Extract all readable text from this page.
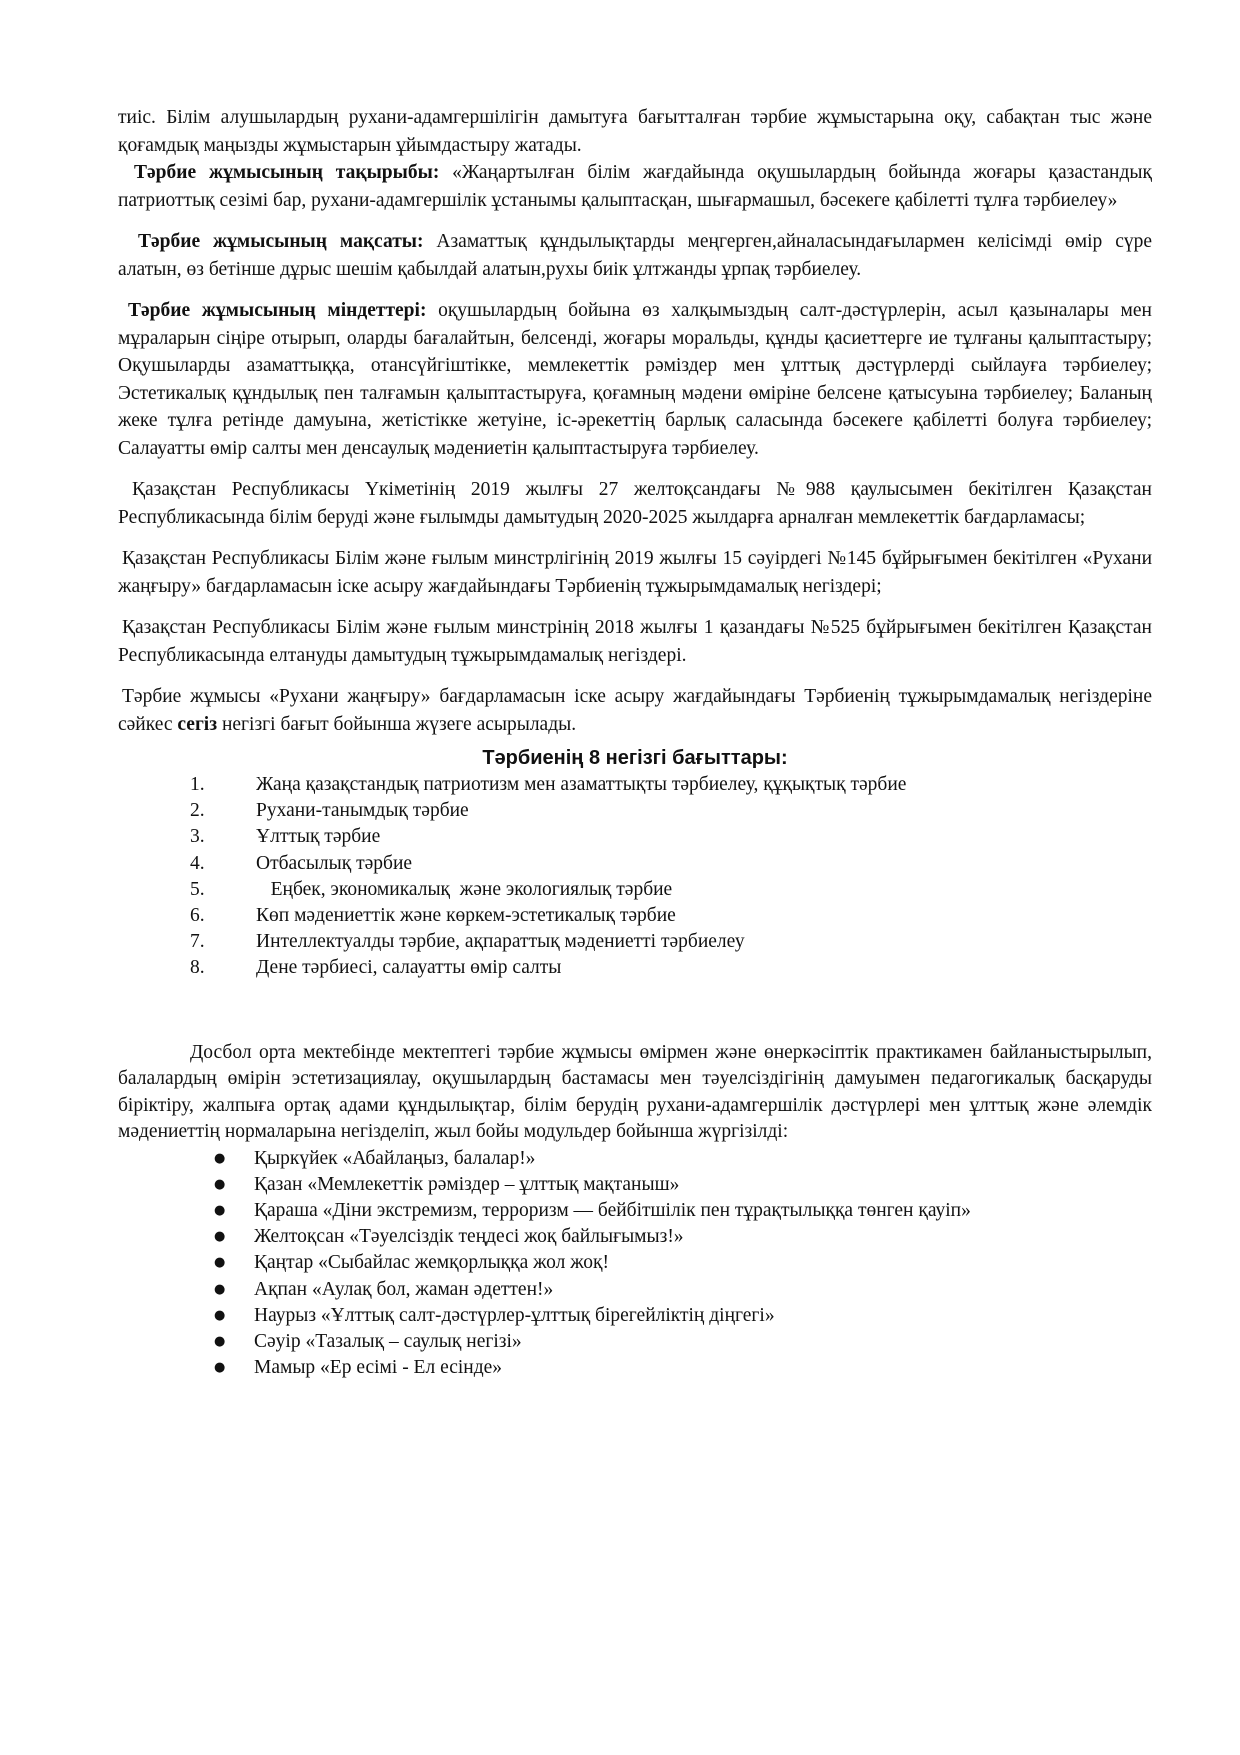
тиіс. Білім алушылардың рухани-адамгершілігін дамытуға бағытталған тәрбие жұмыстарына оқу, сабақтан тыс және қоғамдық маңызды жұмыстарын ұйымдастыру жатады.

Тәрбие жұмысының тақырыбы: «Жаңартылған білім жағдайында оқушылардың бойында жоғары қазастандық патриоттық сезімі бар, рухани-адамгершілік ұстанымы қалыптасқан, шығармашыл, бәсекеге қабілетті тұлға тәрбиелеу»

Тәрбие жұмысының мақсаты: Азаматтық құндылықтарды меңгерген,айналасындағылармен келісімді өмір сүре алатын, өз бетінше дұрыс шешім қабылдай алатын,рухы биік ұлтжанды ұрпақ тәрбиелеу.

Тәрбие жұмысының міндеттері: оқушылардың бойына өз халқымыздың салт-дәстүрлерін, асыл қазыналары мен мұраларын сіңіре отырып, оларды бағалайтын, белсенді, жоғары моральды, құнды қасиеттерге ие тұлғаны қалыптастыру; Оқушыларды азаматтыққа, отансүйгіштікке, мемлекеттік рәміздер мен ұлттық дәстүрлерді сыйлауға тәрбиелеу; Эстетикалық құндылық пен талғамын қалыптастыруға, қоғамның мәдени өміріне белсене қатысуына тәрбиелеу; Баланың жеке тұлға ретінде дамуына, жетістікке жетуіне, іс-әрекеттің барлық саласында бәсекеге қабілетті болуға тәрбиелеу; Салауатты өмір салты мен денсаулық мәдениетін қалыптастыруға тәрбиелеу.

Қазақстан Республикасы Үкіметінің 2019 жылғы 27 желтоқсандағы №988 қаулысымен бекітілген Қазақстан Республикасында білім беруді және ғылымды дамытудың 2020-2025 жылдарға арналған мемлекеттік бағдарламасы;

Қазақстан Республикасы Білім және ғылым минстрлігінің 2019 жылғы 15 сәуірдегі №145 бұйрығымен бекітілген «Рухани жаңғыру» бағдарламасын іске асыру жағдайындағы Тәрбиенің тұжырымдамалық негіздері;

Қазақстан Республикасы Білім және ғылым минстрінің 2018 жылғы 1 қазандағы №525 бұйрығымен бекітілген Қазақстан Республикасында елтануды дамытудың тұжырымдамалық негіздері.

Тәрбие жұмысы «Рухани жаңғыру» бағдарламасын іске асыру жағдайындағы Тәрбиенің тұжырымдамалық негіздеріне сәйкес сегіз негізгі бағыт бойынша жүзеге асырылады.

Тәрбиенің 8 негізгі бағыттары:
1.	Жаңа қазақстандық патриотизм мен азаматтықты тәрбиелеу, құқықтық тәрбие
2.	Рухани-танымдық тәрбие
3.	Ұлттық тәрбие
4.	Отбасылық тәрбие
5.	Еңбек, экономикалық  және экологиялық тәрбие
6.	Көп мәдениеттік және көркем-эстетикалық тәрбие
7.	Интеллектуалды тәрбие, ақпараттық мәдениетті тәрбиелеу
8.	Дене тәрбиесі, салауатты өмір салты

Досбол орта мектебінде мектептегі тәрбие жұмысы өмірмен және өнеркәсіптік практикамен байланыстырылып, балалардың өмірін эстетизациялау, оқушылардың бастамасы мен тәуелсіздігінің дамуымен педагогикалық басқаруды біріктіру, жалпыға ортақ адами құндылықтар, білім берудің рухани-адамгершілік дәстүрлері мен ұлттық және әлемдік мәдениеттің нормаларына негізделіп, жыл бойы модульдер бойынша жүргізілді:

●	Қыркүйек «Абайлаңыз, балалар!»
●	Қазан «Мемлекеттік рәміздер – ұлттық мақтаныш»
●	Қараша «Діни экстремизм, терроризм — бейбітшілік пен тұрақтылыққа төнген қауіп»
●	Желтоқсан «Тәуелсіздік теңдесі жоқ байлығымыз!»
●	Қаңтар «Сыбайлас жемқорлыққа жол жоқ!
●	Ақпан «Аулақ бол, жаман әдеттен!»
●	Наурыз «Ұлттық салт-дәстүрлер-ұлттық бірегейліктің діңгегі»
●	Сәуір «Тазалық – саулық негізі»
●	Мамыр «Ер есімі - Ел есінде»
